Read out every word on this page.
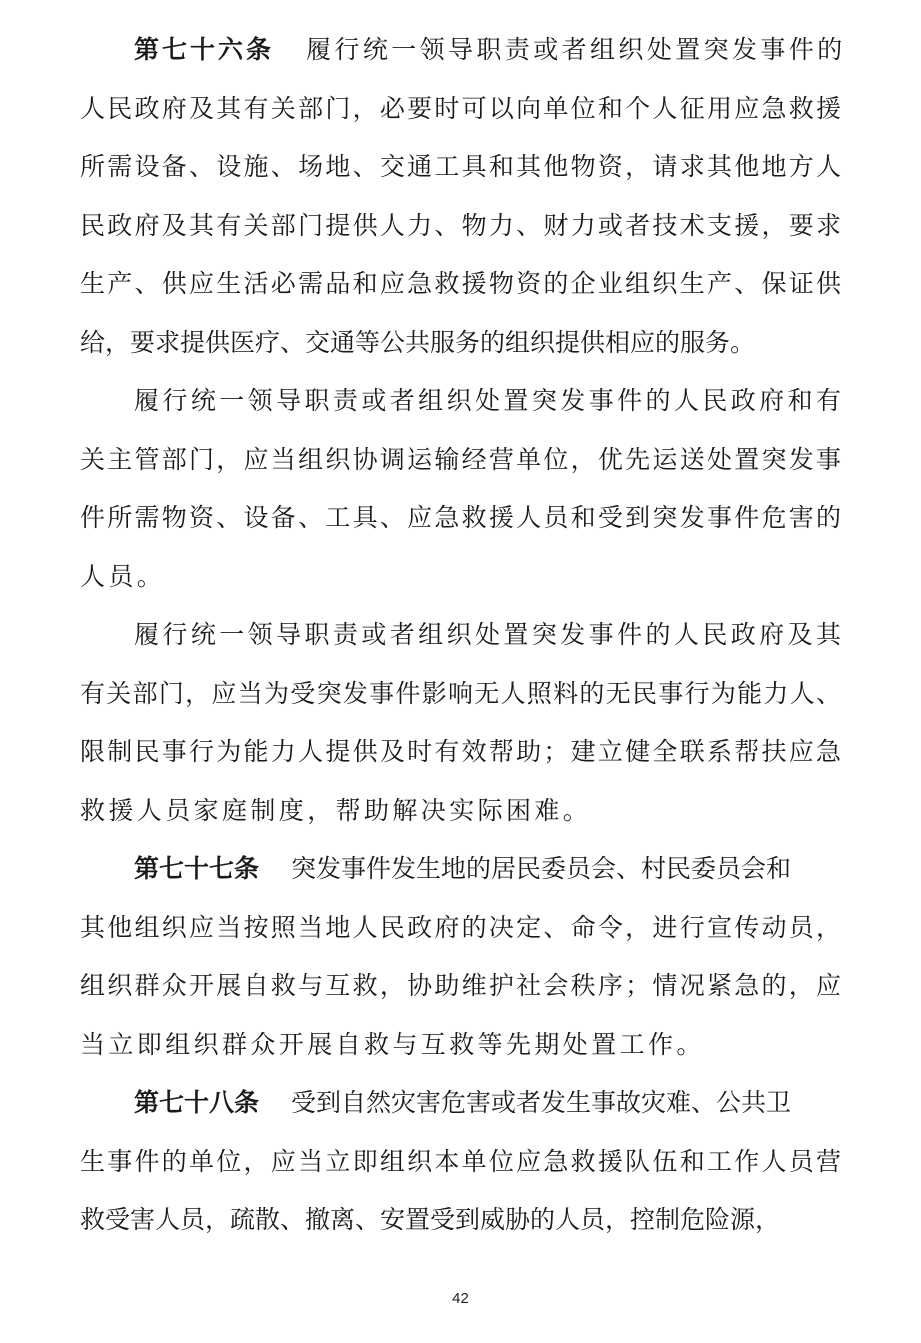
第七十六条 履行统一领导职责或者组织处置突发事件的
人民政府及其有关部门，必要时可以向单位和个人征用应急救援
所需设备、设施、场地、交通工具和其他物资，请求其他地方人
民政府及其有关部门提供人力、物力、财力或者技术支援，要求
生产、供应生活必需品和应急救援物资的企业组织生产、保证供
给，要求提供医疗、交通等公共服务的组织提供相应的服务。
履行统一领导职责或者组织处置突发事件的人民政府和有
关主管部门，应当组织协调运输经营单位，优先运送处置突发事
件所需物资、设备、工具、应急救援人员和受到突发事件危害的
人员。
履行统一领导职责或者组织处置突发事件的人民政府及其
有关部门，应当为受突发事件影响无人照料的无民事行为能力人、
限制民事行为能力人提供及时有效帮助；建立健全联系帮扶应急
救援人员家庭制度，帮助解决实际困难。
第七十七条 突发事件发生地的居民委员会、村民委员会和
其他组织应当按照当地人民政府的决定、命令，进行宣传动员，
组织群众开展自救与互救，协助维护社会秩序；情况紧急的，应
当立即组织群众开展自救与互救等先期处置工作。
第七十八条 受到自然灾害危害或者发生事故灾难、公共卫
生事件的单位，应当立即组织本单位应急救援队伍和工作人员营
救受害人员，疏散、撤离、安置受到威胁的人员，控制危险源，
42
